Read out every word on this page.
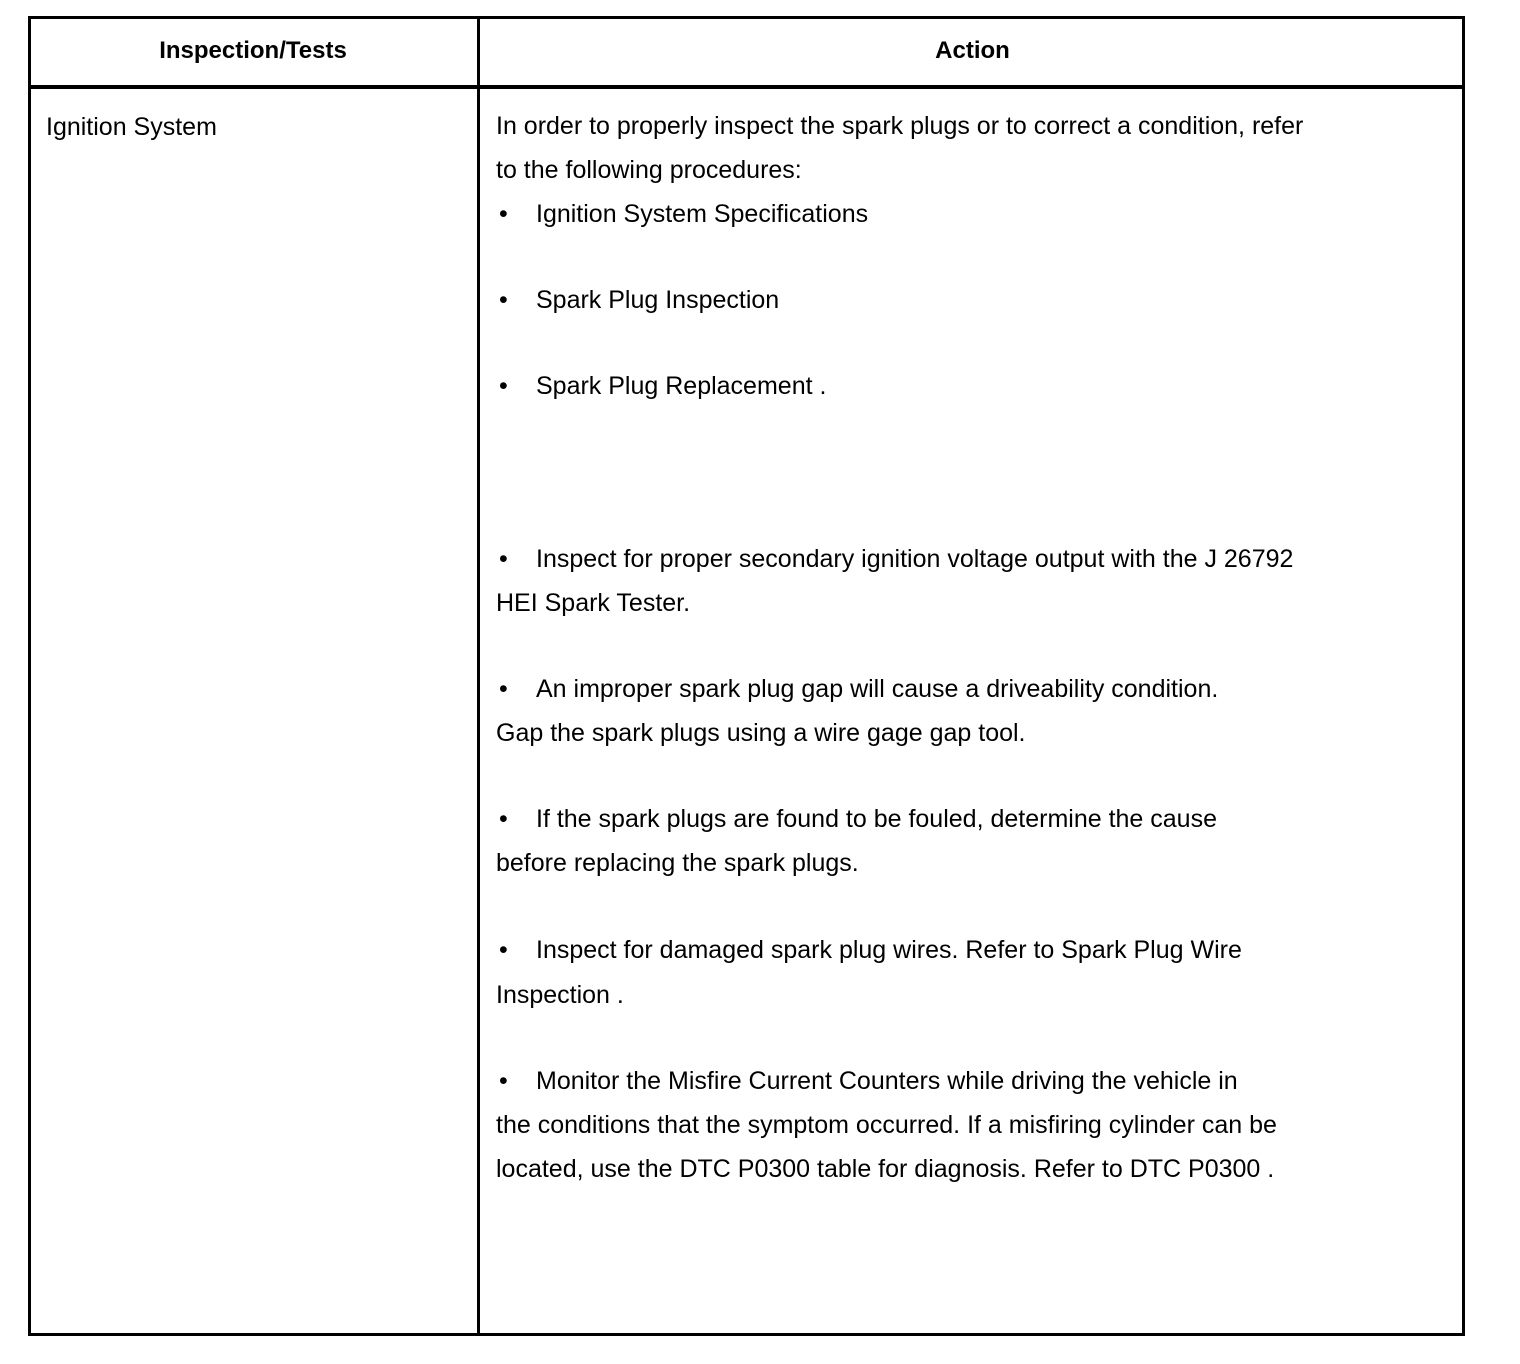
Inspection/Tests	Action
Ignition System	In order to properly inspect the spark plugs or to correct a condition, refer
to the following procedures:
• Ignition System Specifications
• Spark Plug Inspection
• Spark Plug Replacement .
• Inspect for proper secondary ignition voltage output with the J 26792
HEI Spark Tester.
• An improper spark plug gap will cause a driveability condition.
Gap the spark plugs using a wire gage gap tool.
• If the spark plugs are found to be fouled, determine the cause
before replacing the spark plugs.
• Inspect for damaged spark plug wires. Refer to Spark Plug Wire
Inspection .
• Monitor the Misfire Current Counters while driving the vehicle in
the conditions that the symptom occurred. If a misfiring cylinder can be
located, use the DTC P0300 table for diagnosis. Refer to DTC P0300 .
